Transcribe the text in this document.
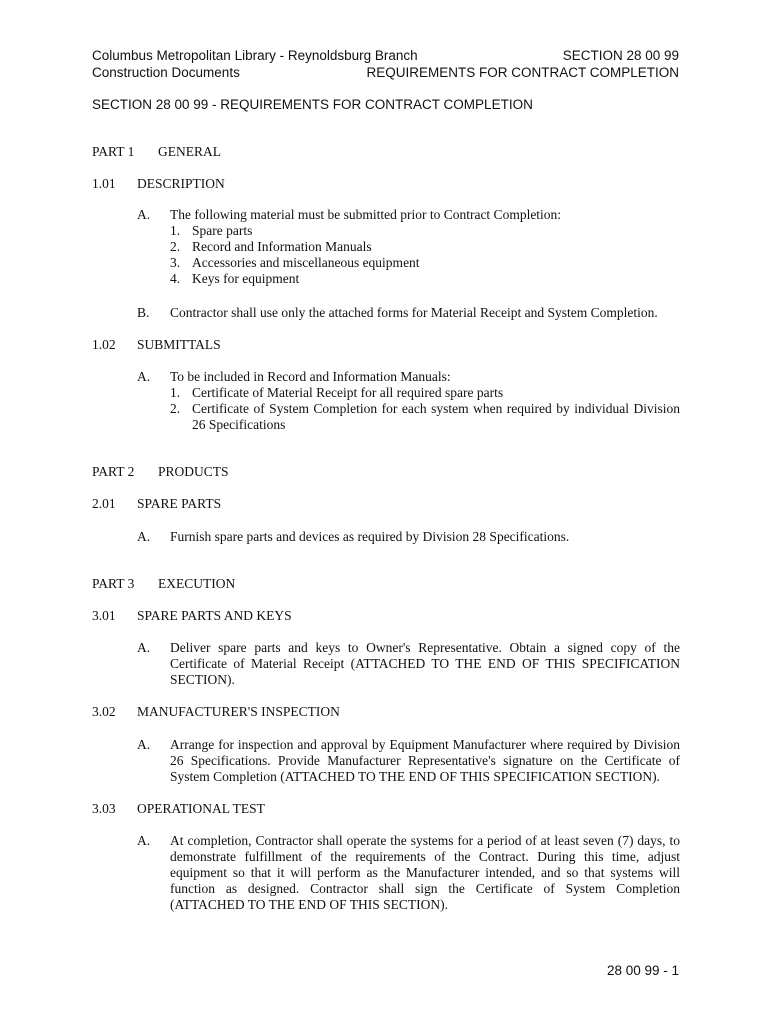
Columbus Metropolitan Library - Reynoldsburg Branch
Construction Documents
SECTION 28 00 99
REQUIREMENTS FOR CONTRACT COMPLETION
SECTION 28 00 99 - REQUIREMENTS FOR CONTRACT COMPLETION
PART 1 GENERAL
1.01 DESCRIPTION
A. The following material must be submitted prior to Contract Completion:
1. Spare parts
2. Record and Information Manuals
3. Accessories and miscellaneous equipment
4. Keys for equipment
B. Contractor shall use only the attached forms for Material Receipt and System Completion.
1.02 SUBMITTALS
A. To be included in Record and Information Manuals:
1. Certificate of Material Receipt for all required spare parts
2. Certificate of System Completion for each system when required by individual Division 26 Specifications
PART 2 PRODUCTS
2.01 SPARE PARTS
A. Furnish spare parts and devices as required by Division 28 Specifications.
PART 3 EXECUTION
3.01 SPARE PARTS AND KEYS
A. Deliver spare parts and keys to Owner's Representative. Obtain a signed copy of the Certificate of Material Receipt (ATTACHED TO THE END OF THIS SPECIFICATION SECTION).
3.02 MANUFACTURER'S INSPECTION
A. Arrange for inspection and approval by Equipment Manufacturer where required by Division 26 Specifications. Provide Manufacturer Representative's signature on the Certificate of System Completion (ATTACHED TO THE END OF THIS SPECIFICATION SECTION).
3.03 OPERATIONAL TEST
A. At completion, Contractor shall operate the systems for a period of at least seven (7) days, to demonstrate fulfillment of the requirements of the Contract. During this time, adjust equipment so that it will perform as the Manufacturer intended, and so that systems will function as designed. Contractor shall sign the Certificate of System Completion (ATTACHED TO THE END OF THIS SECTION).
28 00 99 - 1
